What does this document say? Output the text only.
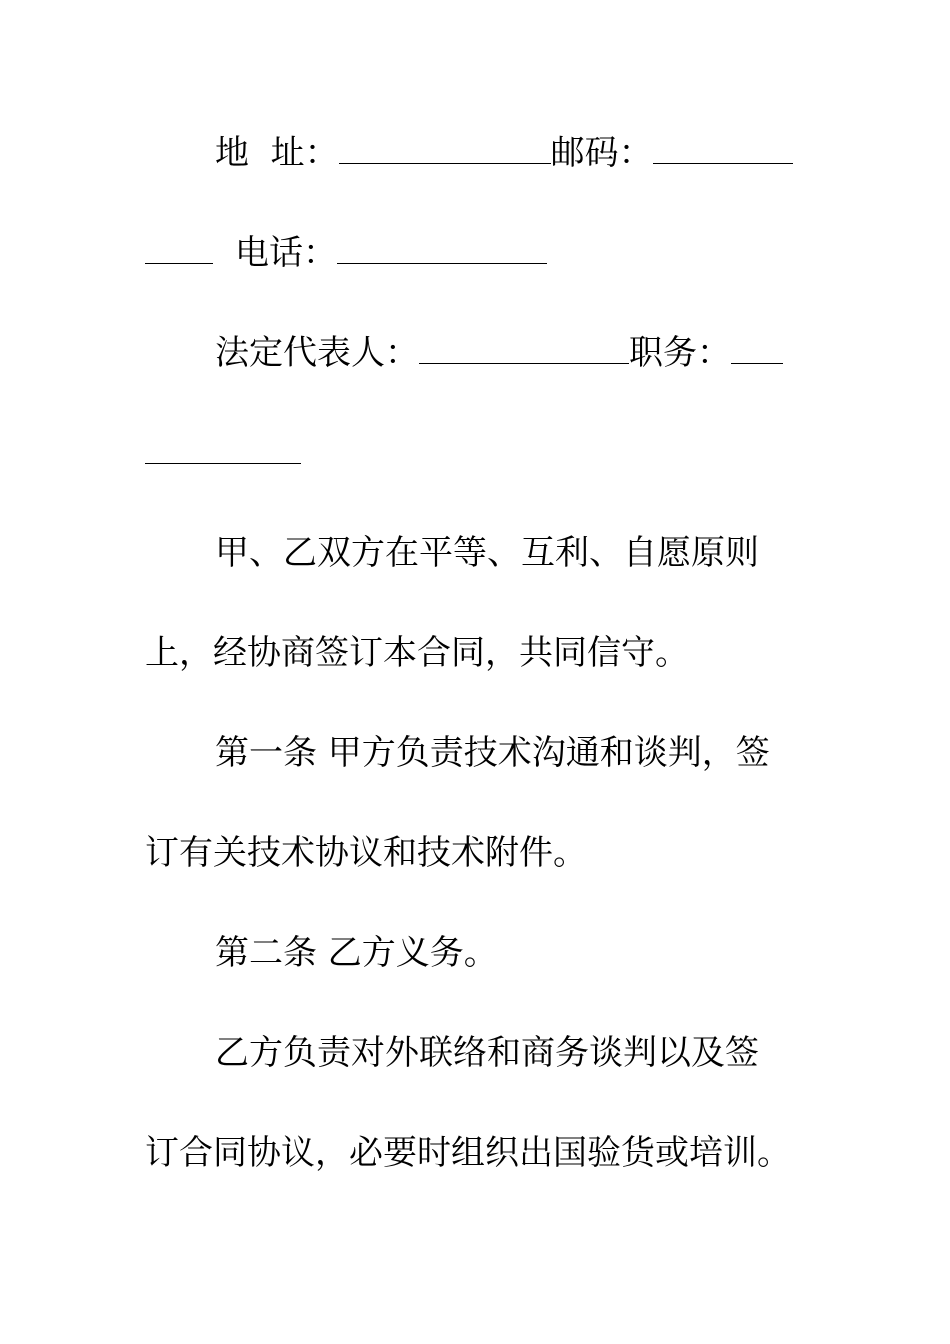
地  址：	邮码：
电话：
法定代表人：	职务：
甲、乙双方在平等、互利、自愿原则
上，经协商签订本合同，共同信守。
第一条 甲方负责技术沟通和谈判，签
订有关技术协议和技术附件。
第二条 乙方义务。
乙方负责对外联络和商务谈判以及签
订合同协议，必要时组织出国验货或培训。
